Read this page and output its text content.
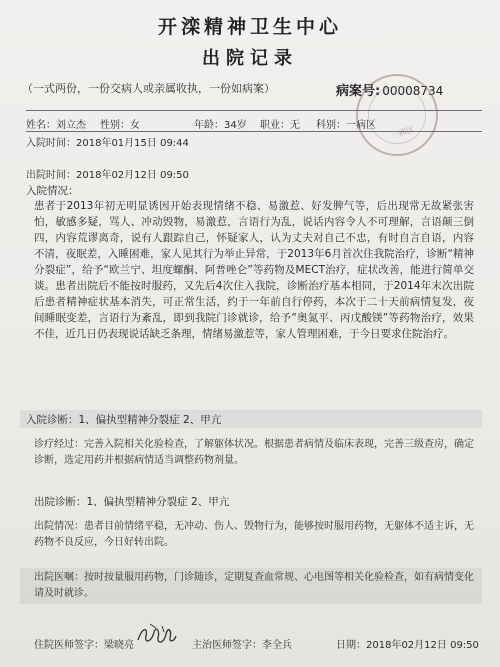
开滦精神卫生中心
出院记录
（一式两份，一份交病人或亲属收执，一份如病案）	病案号: 00008734
一病区
姓名：刘立杰 性别：女	年龄：34岁 职业：无 科别：一病区
入院时间：2018年01月15日 09:44
出院时间：2018年02月12日 09:50
入院情况：
患者于2013年初无明显诱因开始表现情绪不稳、易激惹、好发脾气等，后出现常无故紧张害怕，敏感多疑，骂人、冲动毁物，易激惹，言语行为乱，说话内容令人不可理解，言语颠三倒四，内容荒谬离奇，说有人跟踪自己，怀疑家人，认为丈夫对自己不忠，有时自言自语，内容不清，夜眠差，入睡困难，家人见其行为举止异常，于2013年6月首次住我院治疗，诊断“精神分裂症”，给予“欧兰宁、坦度螺酮、阿普唑仑”等药物及MECT治疗，症状改善，能进行简单交谈。患者出院后不能按时服药，又先后4次住入我院，诊断治疗基本相同，于2014年末次出院后患者精神症状基本消失，可正常生活，约于一年前自行停药，本次于二十天前病情复发，夜间睡眠变差，言语行为紊乱，即到我院门诊就诊，给予“奥氮平、丙戊酸镁”等药物治疗，效果不佳，近几日仍表现说话缺乏条理，情绪易激惹等，家人管理困难，于今日要求住院治疗。
入院诊断：1、偏执型精神分裂症 2、甲亢
诊疗经过：完善入院相关化验检查，了解躯体状况。根据患者病情及临床表现，完善三级查房，确定诊断，选定用药并根据病情适当调整药物剂量。
出院诊断：1、偏执型精神分裂症 2、甲亢
出院情况：患者目前情绪平稳，无冲动、伤人、毁物行为，能够按时服用药物，无躯体不适主诉，无药物不良反应，今日好转出院。
出院医嘱：按时按量服用药物，门诊随诊，定期复查血常规、心电图等相关化验检查，如有病情变化请及时就诊。
住院医师签字：梁晓亮	主治医师签字：李全兵	日期：2018年02月12日 09:50
